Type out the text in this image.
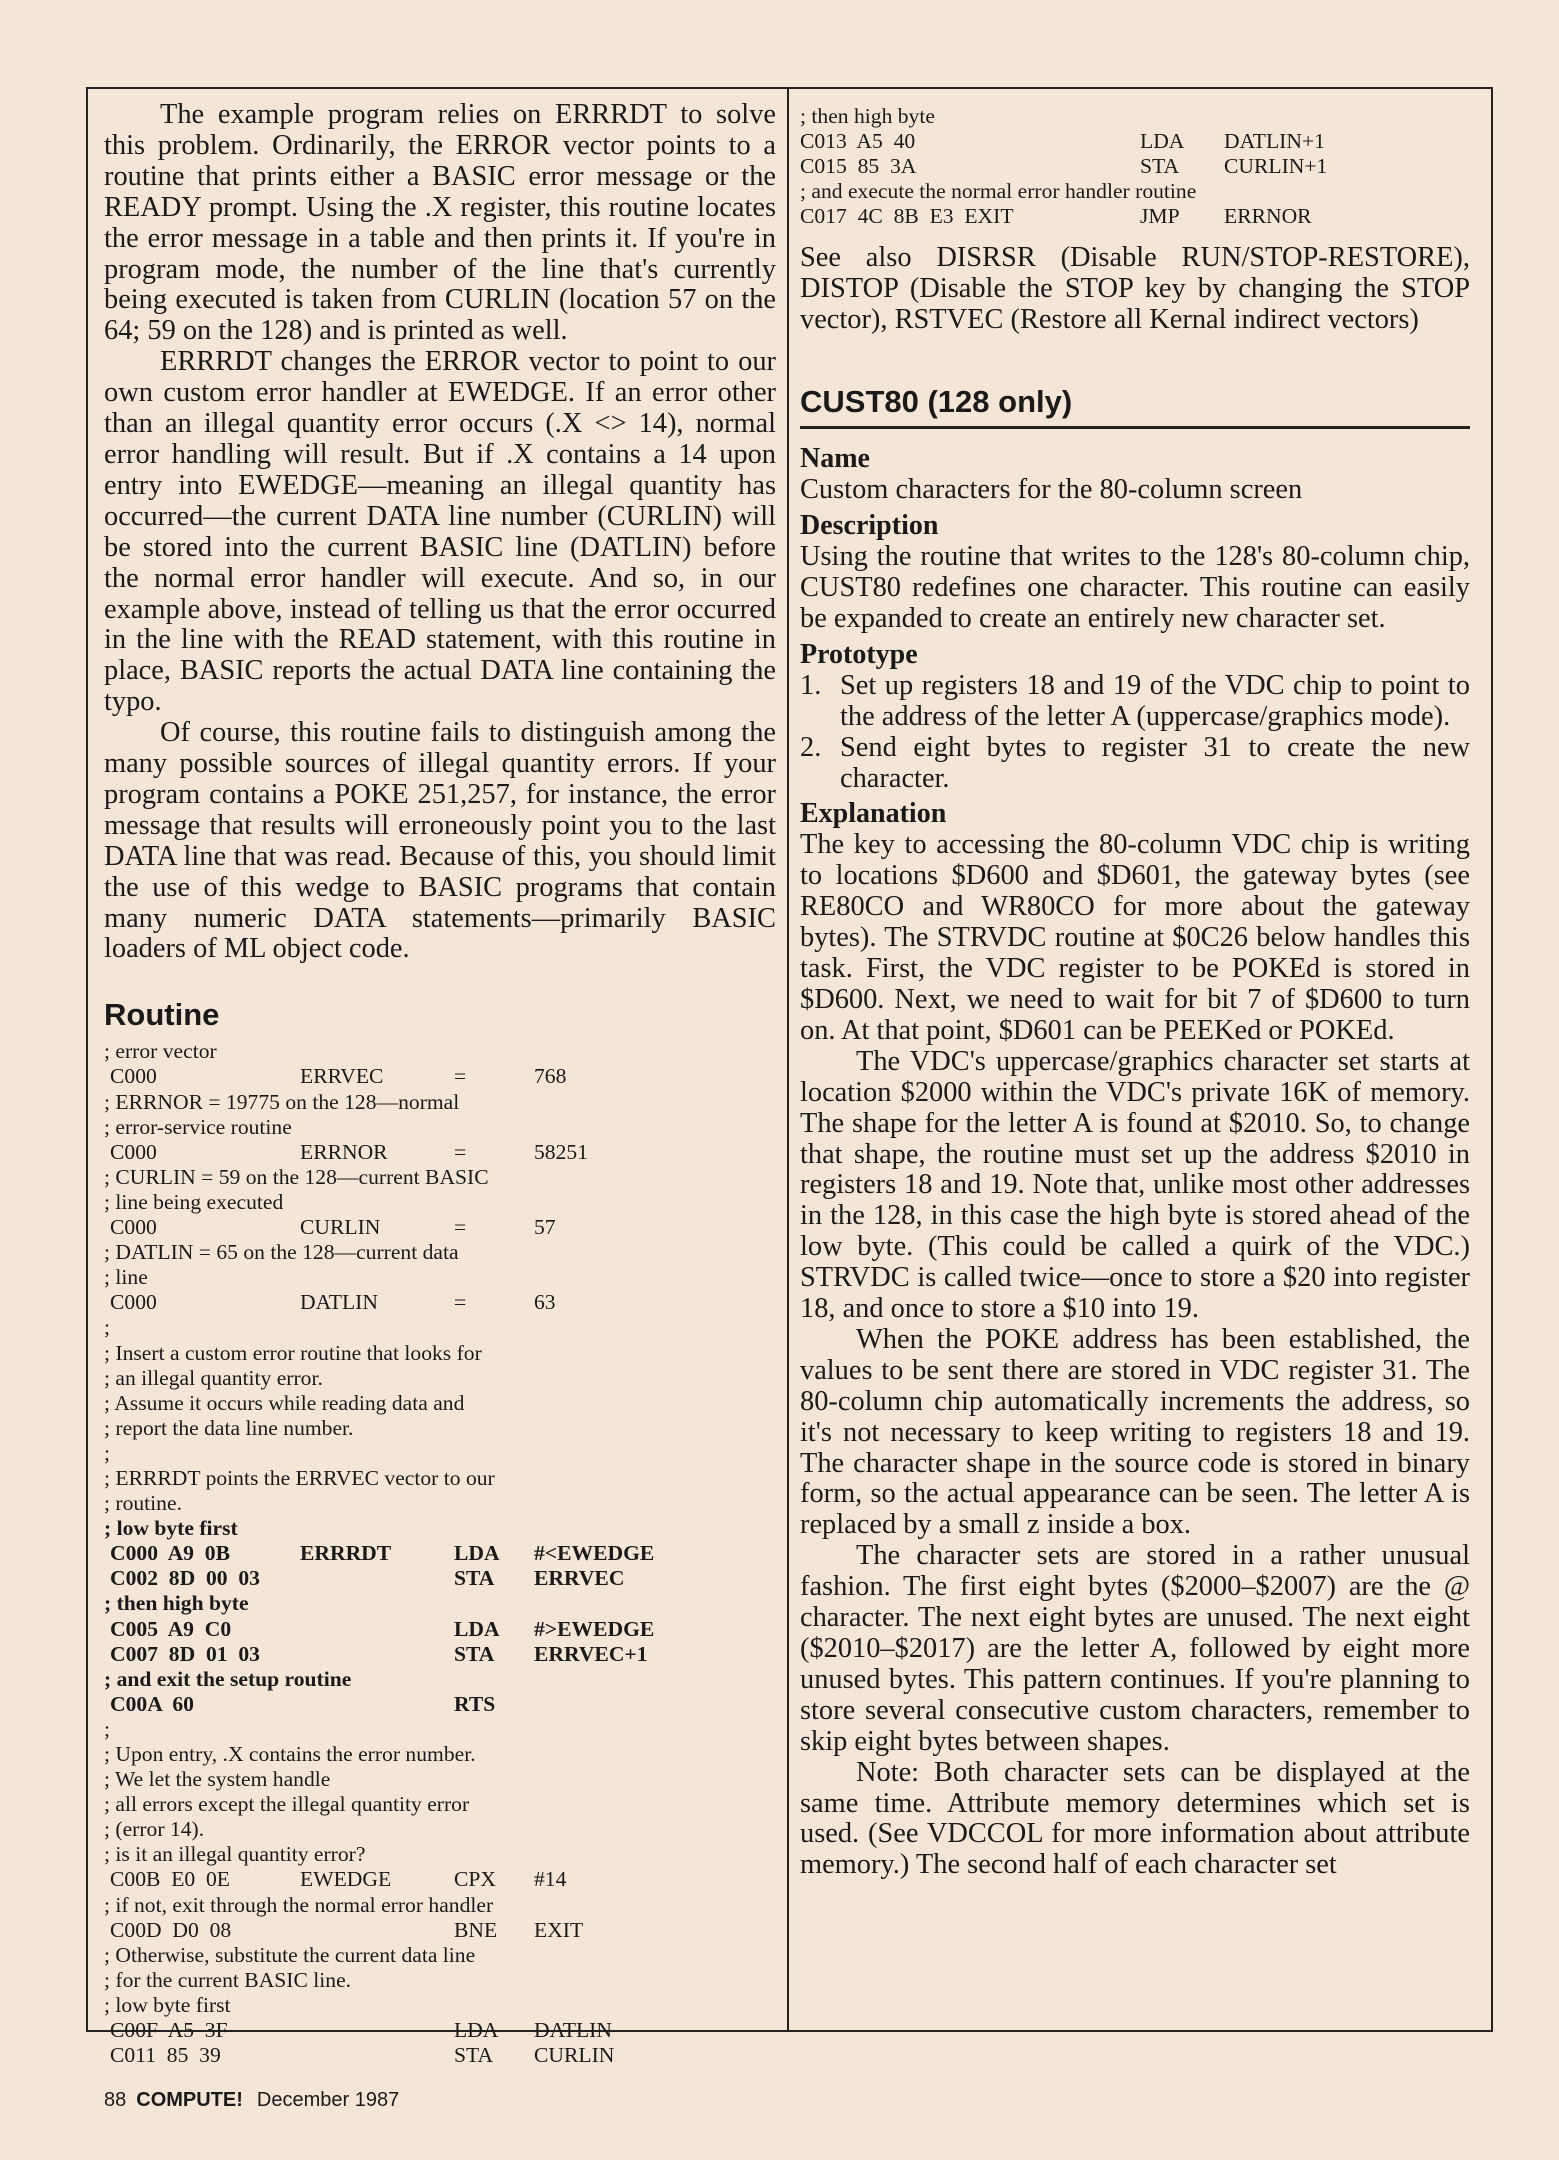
The example program relies on ERRRDT to solve this problem. Ordinarily, the ERROR vector points to a routine that prints either a BASIC error message or the READY prompt. Using the .X register, this routine locates the error message in a table and then prints it. If you're in program mode, the number of the line that's currently being executed is taken from CURLIN (location 57 on the 64; 59 on the 128) and is printed as well.

ERRRDT changes the ERROR vector to point to our own custom error handler at EWEDGE. If an error other than an illegal quantity error occurs (.X <> 14), normal error handling will result. But if .X contains a 14 upon entry into EWEDGE—meaning an illegal quantity has occurred—the current DATA line number (CURLIN) will be stored into the current BASIC line (DATLIN) before the normal error handler will execute. And so, in our example above, instead of telling us that the error occurred in the line with the READ statement, with this routine in place, BASIC reports the actual DATA line containing the typo.

Of course, this routine fails to distinguish among the many possible sources of illegal quantity errors. If your program contains a POKE 251,257, for instance, the error message that results will erroneously point you to the last DATA line that was read. Because of this, you should limit the use of this wedge to BASIC programs that contain many numeric DATA statements—primarily BASIC loaders of ML object code.

Routine
; error vector
C000	ERRVEC	=	768
; ERRNOR = 19775 on the 128—normal
; error-service routine
C000	ERRNOR	=	58251
; CURLIN = 59 on the 128—current BASIC
; line being executed
C000	CURLIN	=	57
; DATLIN = 65 on the 128—current data
; line
C000	DATLIN	=	63
;
; Insert a custom error routine that looks for
; an illegal quantity error.
; Assume it occurs while reading data and
; report the data line number.
;
; ERRRDT points the ERRVEC vector to our
; routine.
; low byte first
C000  A9  0B	ERRRDT	LDA #<EWEDGE
C002  8D  00  03	STA ERRVEC
; then high byte
C005  A9  C0	LDA #>EWEDGE
C007  8D  01  03	STA ERRVEC+1
; and exit the setup routine
C00A  60	RTS
;
; Upon entry, .X contains the error number.
; We let the system handle
; all errors except the illegal quantity error
; (error 14).
; is it an illegal quantity error?
C00B  E0  0E	EWEDGE	CPX #14
; if not, exit through the normal error handler
C00D  D0  08	BNE EXIT
; Otherwise, substitute the current data line
; for the current BASIC line.
; low byte first
C00F  A5  3F	LDA DATLIN
C011  85  39	STA CURLIN
; then high byte
C013  A5  40	LDA DATLIN+1
C015  85  3A	STA CURLIN+1
; and execute the normal error handler routine
C017  4C  8B  E3  EXIT	JMP ERRNOR

See also DISRSR (Disable RUN/STOP-RESTORE), DISTOP (Disable the STOP key by changing the STOP vector), RSTVEC (Restore all Kernal indirect vectors)

CUST80 (128 only)
Name

Custom characters for the 80-column screen

Description

Using the routine that writes to the 128's 80-column chip, CUST80 redefines one character. This routine can easily be expanded to create an entirely new character set.

Prototype
1. Set up registers 18 and 19 of the VDC chip to point to the address of the letter A (uppercase/graphics mode).
2. Send eight bytes to register 31 to create the new character.
Explanation

The key to accessing the 80-column VDC chip is writing to locations $D600 and $D601, the gateway bytes (see RE80CO and WR80CO for more about the gateway bytes). The STRVDC routine at $0C26 below handles this task. First, the VDC register to be POKEd is stored in $D600. Next, we need to wait for bit 7 of $D600 to turn on. At that point, $D601 can be PEEKed or POKEd.

The VDC's uppercase/graphics character set starts at location $2000 within the VDC's private 16K of memory. The shape for the letter A is found at $2010. So, to change that shape, the routine must set up the address $2010 in registers 18 and 19. Note that, unlike most other addresses in the 128, in this case the high byte is stored ahead of the low byte. (This could be called a quirk of the VDC.) STRVDC is called twice—once to store a $20 into register 18, and once to store a $10 into 19.

When the POKE address has been established, the values to be sent there are stored in VDC register 31. The 80-column chip automatically increments the address, so it's not necessary to keep writing to registers 18 and 19. The character shape in the source code is stored in binary form, so the actual appearance can be seen. The letter A is replaced by a small z inside a box.

The character sets are stored in a rather unusual fashion. The first eight bytes ($2000–$2007) are the @ character. The next eight bytes are unused. The next eight ($2010–$2017) are the letter A, followed by eight more unused bytes. This pattern continues. If you're planning to store several consecutive custom characters, remember to skip eight bytes between shapes.

Note: Both character sets can be displayed at the same time. Attribute memory determines which set is used. (See VDCCOL for more information about attribute memory.) The second half of each character set

88 COMPUTE! December 1987
